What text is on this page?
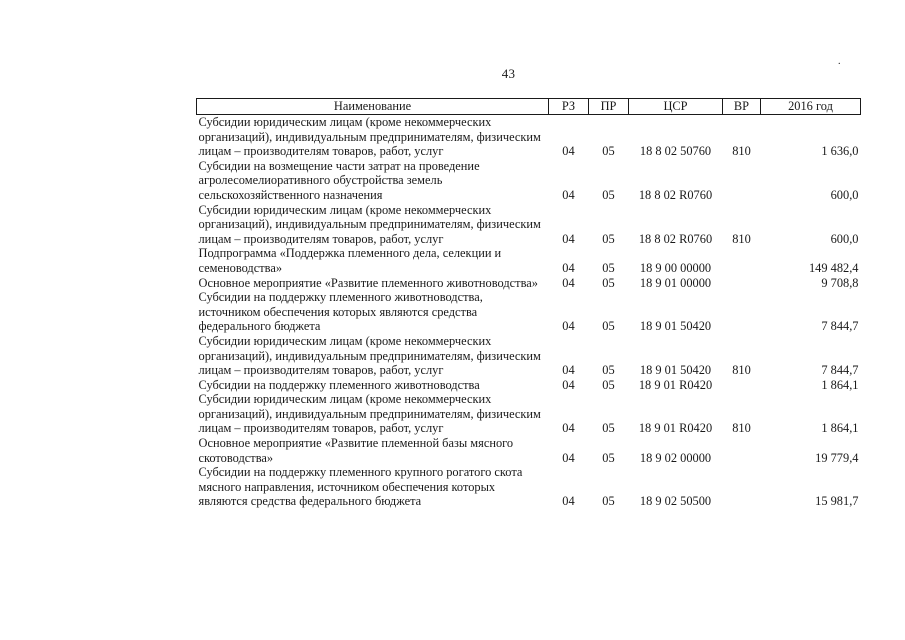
43
.
Наименование	РЗ	ПР	ЦСР	ВР	2016 год
Субсидии юридическим лицам (кроме некоммерческих организаций), индивидуальным предпринимателям, физическим лицам – производителям товаров, работ, услуг	04	05	18 8 02 50760	810	1 636,0
Субсидии на возмещение части затрат на проведение агролесомелиоративного обустройства земель сельскохозяйственного назначения	04	05	18 8 02 R0760		600,0
Субсидии юридическим лицам (кроме некоммерческих организаций), индивидуальным предпринимателям, физическим лицам – производителям товаров, работ, услуг	04	05	18 8 02 R0760	810	600,0
Подпрограмма «Поддержка племенного дела, селекции и семеноводства»	04	05	18 9 00 00000		149 482,4
Основное мероприятие «Развитие племенного животноводства»	04	05	18 9 01 00000		9 708,8
Субсидии на поддержку племенного животноводства, источником обеспечения которых являются средства федерального бюджета	04	05	18 9 01 50420		7 844,7
Субсидии юридическим лицам (кроме некоммерческих организаций), индивидуальным предпринимателям, физическим лицам – производителям товаров, работ, услуг	04	05	18 9 01 50420	810	7 844,7
Субсидии на поддержку племенного животноводства	04	05	18 9 01 R0420		1 864,1
Субсидии юридическим лицам (кроме некоммерческих организаций), индивидуальным предпринимателям, физическим лицам – производителям товаров, работ, услуг	04	05	18 9 01 R0420	810	1 864,1
Основное мероприятие «Развитие племенной базы мясного скотоводства»	04	05	18 9 02 00000		19 779,4
Субсидии на поддержку племенного крупного рогатого скота мясного направления, источником обеспечения которых являются средства федерального бюджета	04	05	18 9 02 50500		15 981,7
